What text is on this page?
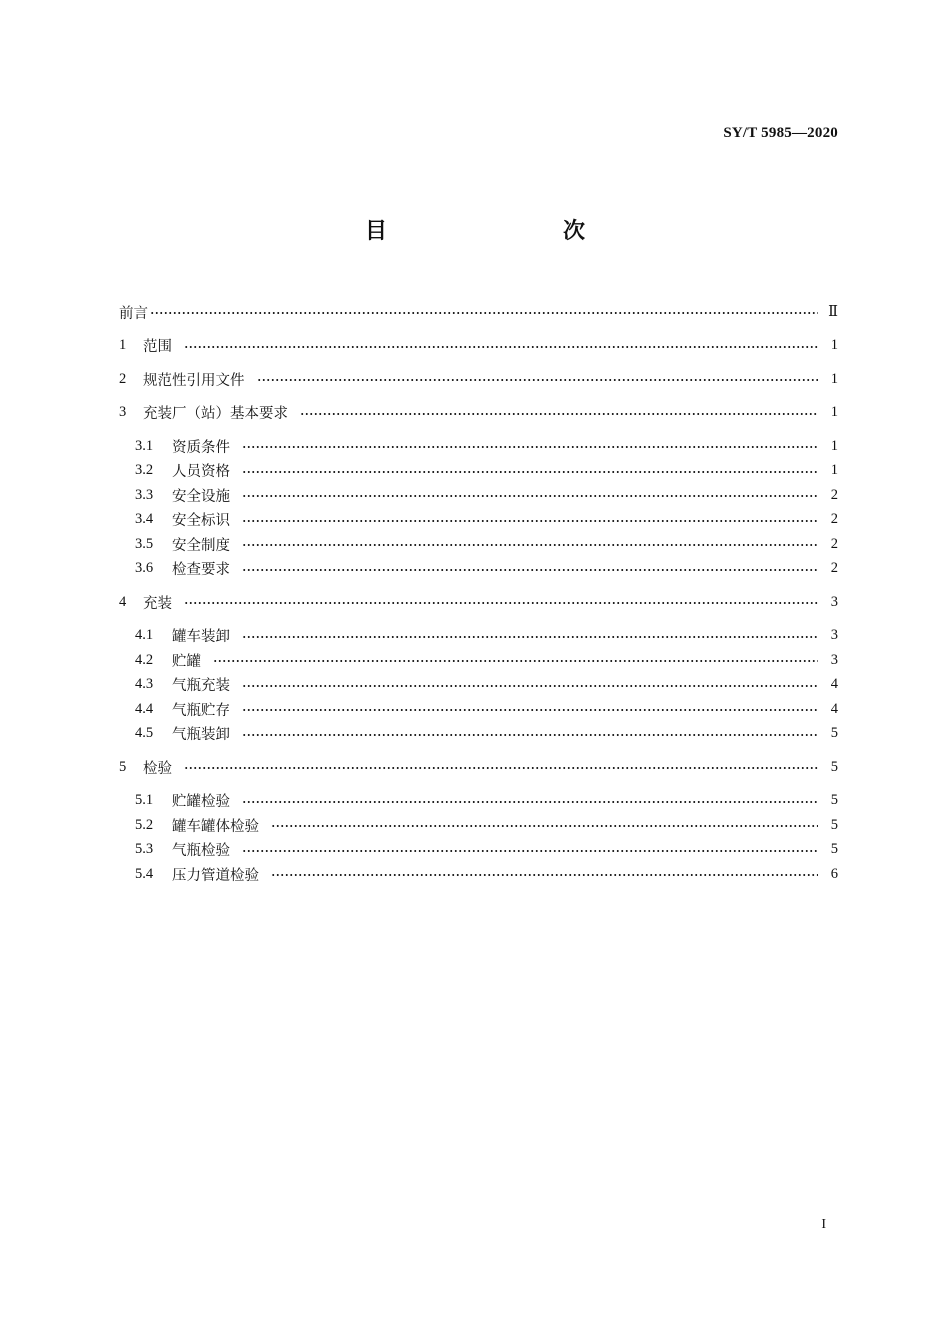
SY/T 5985—2020
目　　次
前言	Ⅱ
1	范围	1
2	规范性引用文件	1
3	充装厂（站）基本要求	1
3.1	资质条件	1
3.2	人员资格	1
3.3	安全设施	2
3.4	安全标识	2
3.5	安全制度	2
3.6	检查要求	2
4	充装	3
4.1	罐车装卸	3
4.2	贮罐	3
4.3	气瓶充装	4
4.4	气瓶贮存	4
4.5	气瓶装卸	5
5	检验	5
5.1	贮罐检验	5
5.2	罐车罐体检验	5
5.3	气瓶检验	5
5.4	压力管道检验	6
I
